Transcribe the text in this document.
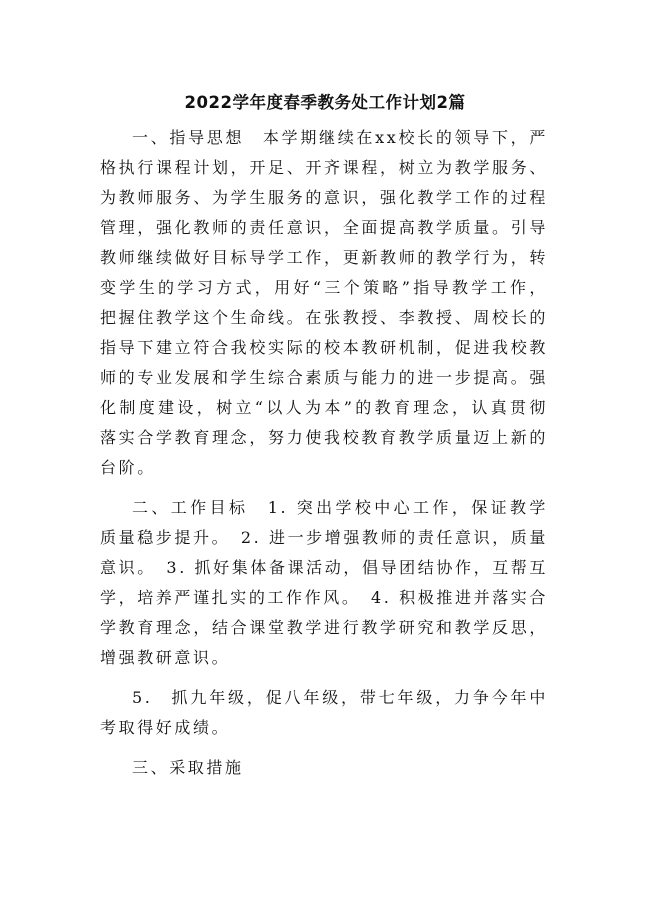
2022学年度春季教务处工作计划2篇

一、指导思想　本学期继续在xx校长的领导下，严格执行课程计划，开足、开齐课程，树立为教学服务、为教师服务、为学生服务的意识，强化教学工作的过程管理，强化教师的责任意识，全面提高教学质量。引导教师继续做好目标导学工作，更新教师的教学行为，转变学生的学习方式，用好“三个策略”指导教学工作，把握住教学这个生命线。在张教授、李教授、周校长的指导下建立符合我校实际的校本教研机制，促进我校教师的专业发展和学生综合素质与能力的进一步提高。强化制度建设，树立“以人为本”的教育理念，认真贯彻落实合学教育理念，努力使我校教育教学质量迈上新的台阶。

二、工作目标　1. 突出学校中心工作，保证教学质量稳步提升。　2. 进一步增强教师的责任意识，质量意识。　3. 抓好集体备课活动，倡导团结协作，互帮互学，培养严谨扎实的工作作风。　4. 积极推进并落实合学教育理念，结合课堂教学进行教学研究和教学反思，增强教研意识。

5.　抓九年级，促八年级，带七年级，力争今年中考取得好成绩。

三、采取措施
